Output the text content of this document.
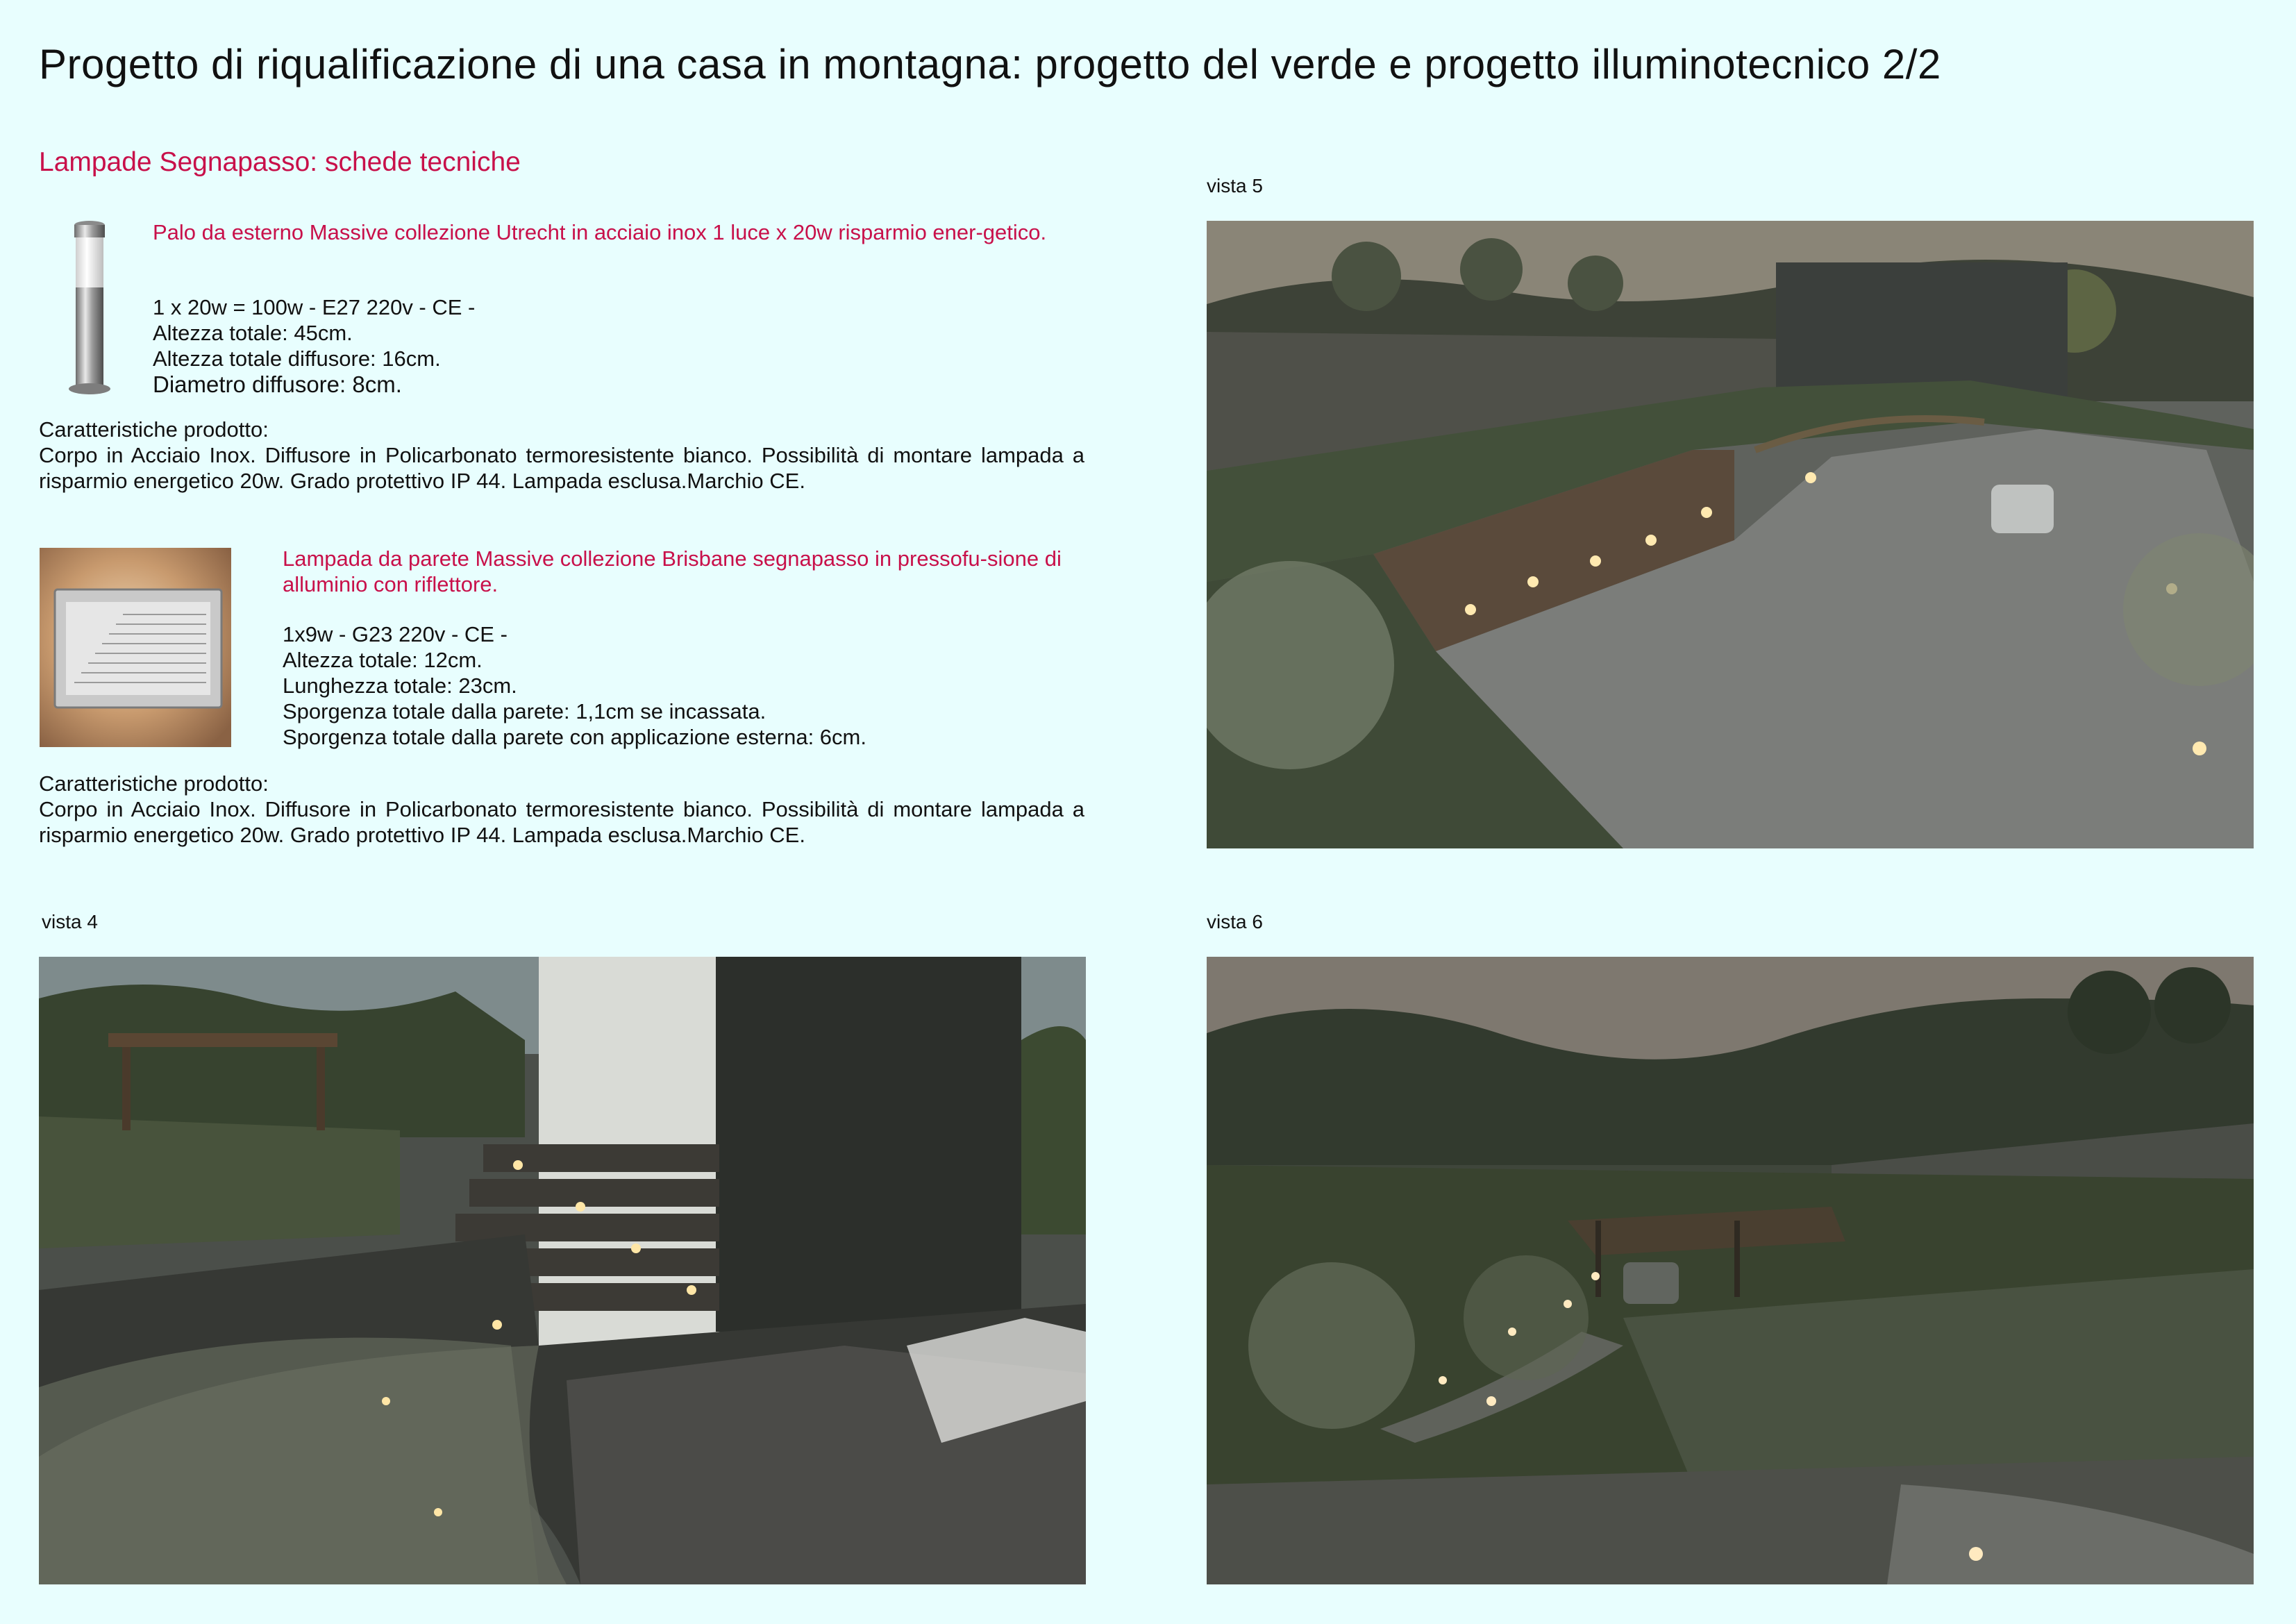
Progetto di riqualificazione di una casa in montagna: progetto del verde e progetto illuminotecnico 2/2
Lampade Segnapasso: schede tecniche
Palo da esterno Massive collezione Utrecht in acciaio inox 1 luce x 20w risparmio ener-getico.

1 x 20w = 100w - E27 220v - CE -

Altezza totale: 45cm.

Altezza totale diffusore: 16cm.

Diametro diffusore: 8cm.

Caratteristiche prodotto:
Corpo in Acciaio Inox. Diffusore in Policarbonato termoresistente bianco. Possibilità di montare lampada a risparmio energetico 20w. Grado protettivo IP 44. Lampada esclusa.Marchio CE.
Lampada da parete Massive collezione Brisbane segnapasso in pressofu-sione di alluminio con riflettore.

1x9w - G23 220v - CE -

Altezza totale: 12cm.

Lunghezza totale: 23cm.

Sporgenza totale dalla parete: 1,1cm se incassata.

Sporgenza totale dalla parete con applicazione esterna: 6cm.

Caratteristiche prodotto:
Corpo in Acciaio Inox. Diffusore in Policarbonato termoresistente bianco. Possibilità di montare lampada a risparmio energetico 20w. Grado protettivo IP 44. Lampada esclusa.Marchio CE.
vista 5
vista 4	vista 6
